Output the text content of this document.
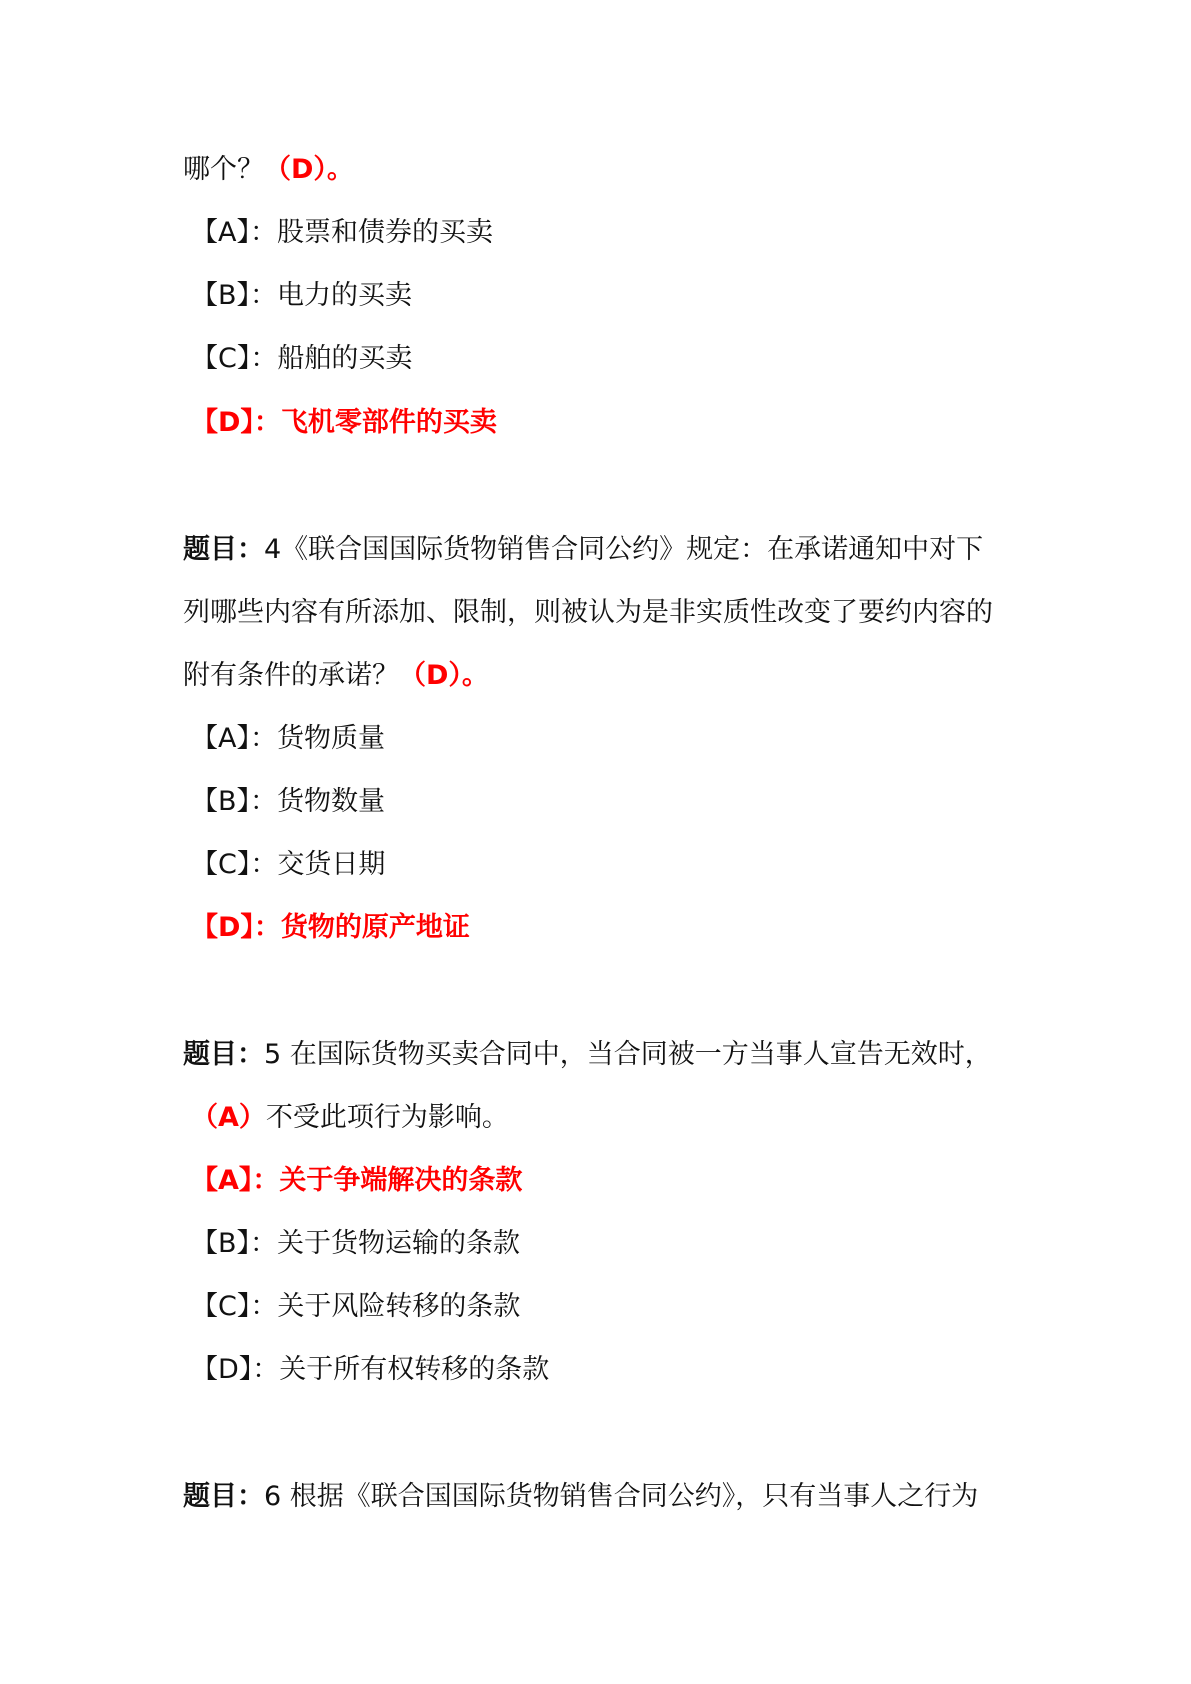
哪个？（D）。
【A】：股票和债券的买卖
【B】：电力的买卖
【C】：船舶的买卖
【D】：飞机零部件的买卖
题目：4《联合国国际货物销售合同公约》规定：在承诺通知中对下
列哪些内容有所添加、限制，则被认为是非实质性改变了要约内容的
附有条件的承诺？（D）。
【A】：货物质量
【B】：货物数量
【C】：交货日期
【D】：货物的原产地证
题目：5 在国际货物买卖合同中，当合同被一方当事人宣告无效时，
（A）不受此项行为影响。
【A】：关于争端解决的条款
【B】：关于货物运输的条款
【C】：关于风险转移的条款
【D】：关于所有权转移的条款
题目：6 根据《联合国国际货物销售合同公约》，只有当事人之行为
